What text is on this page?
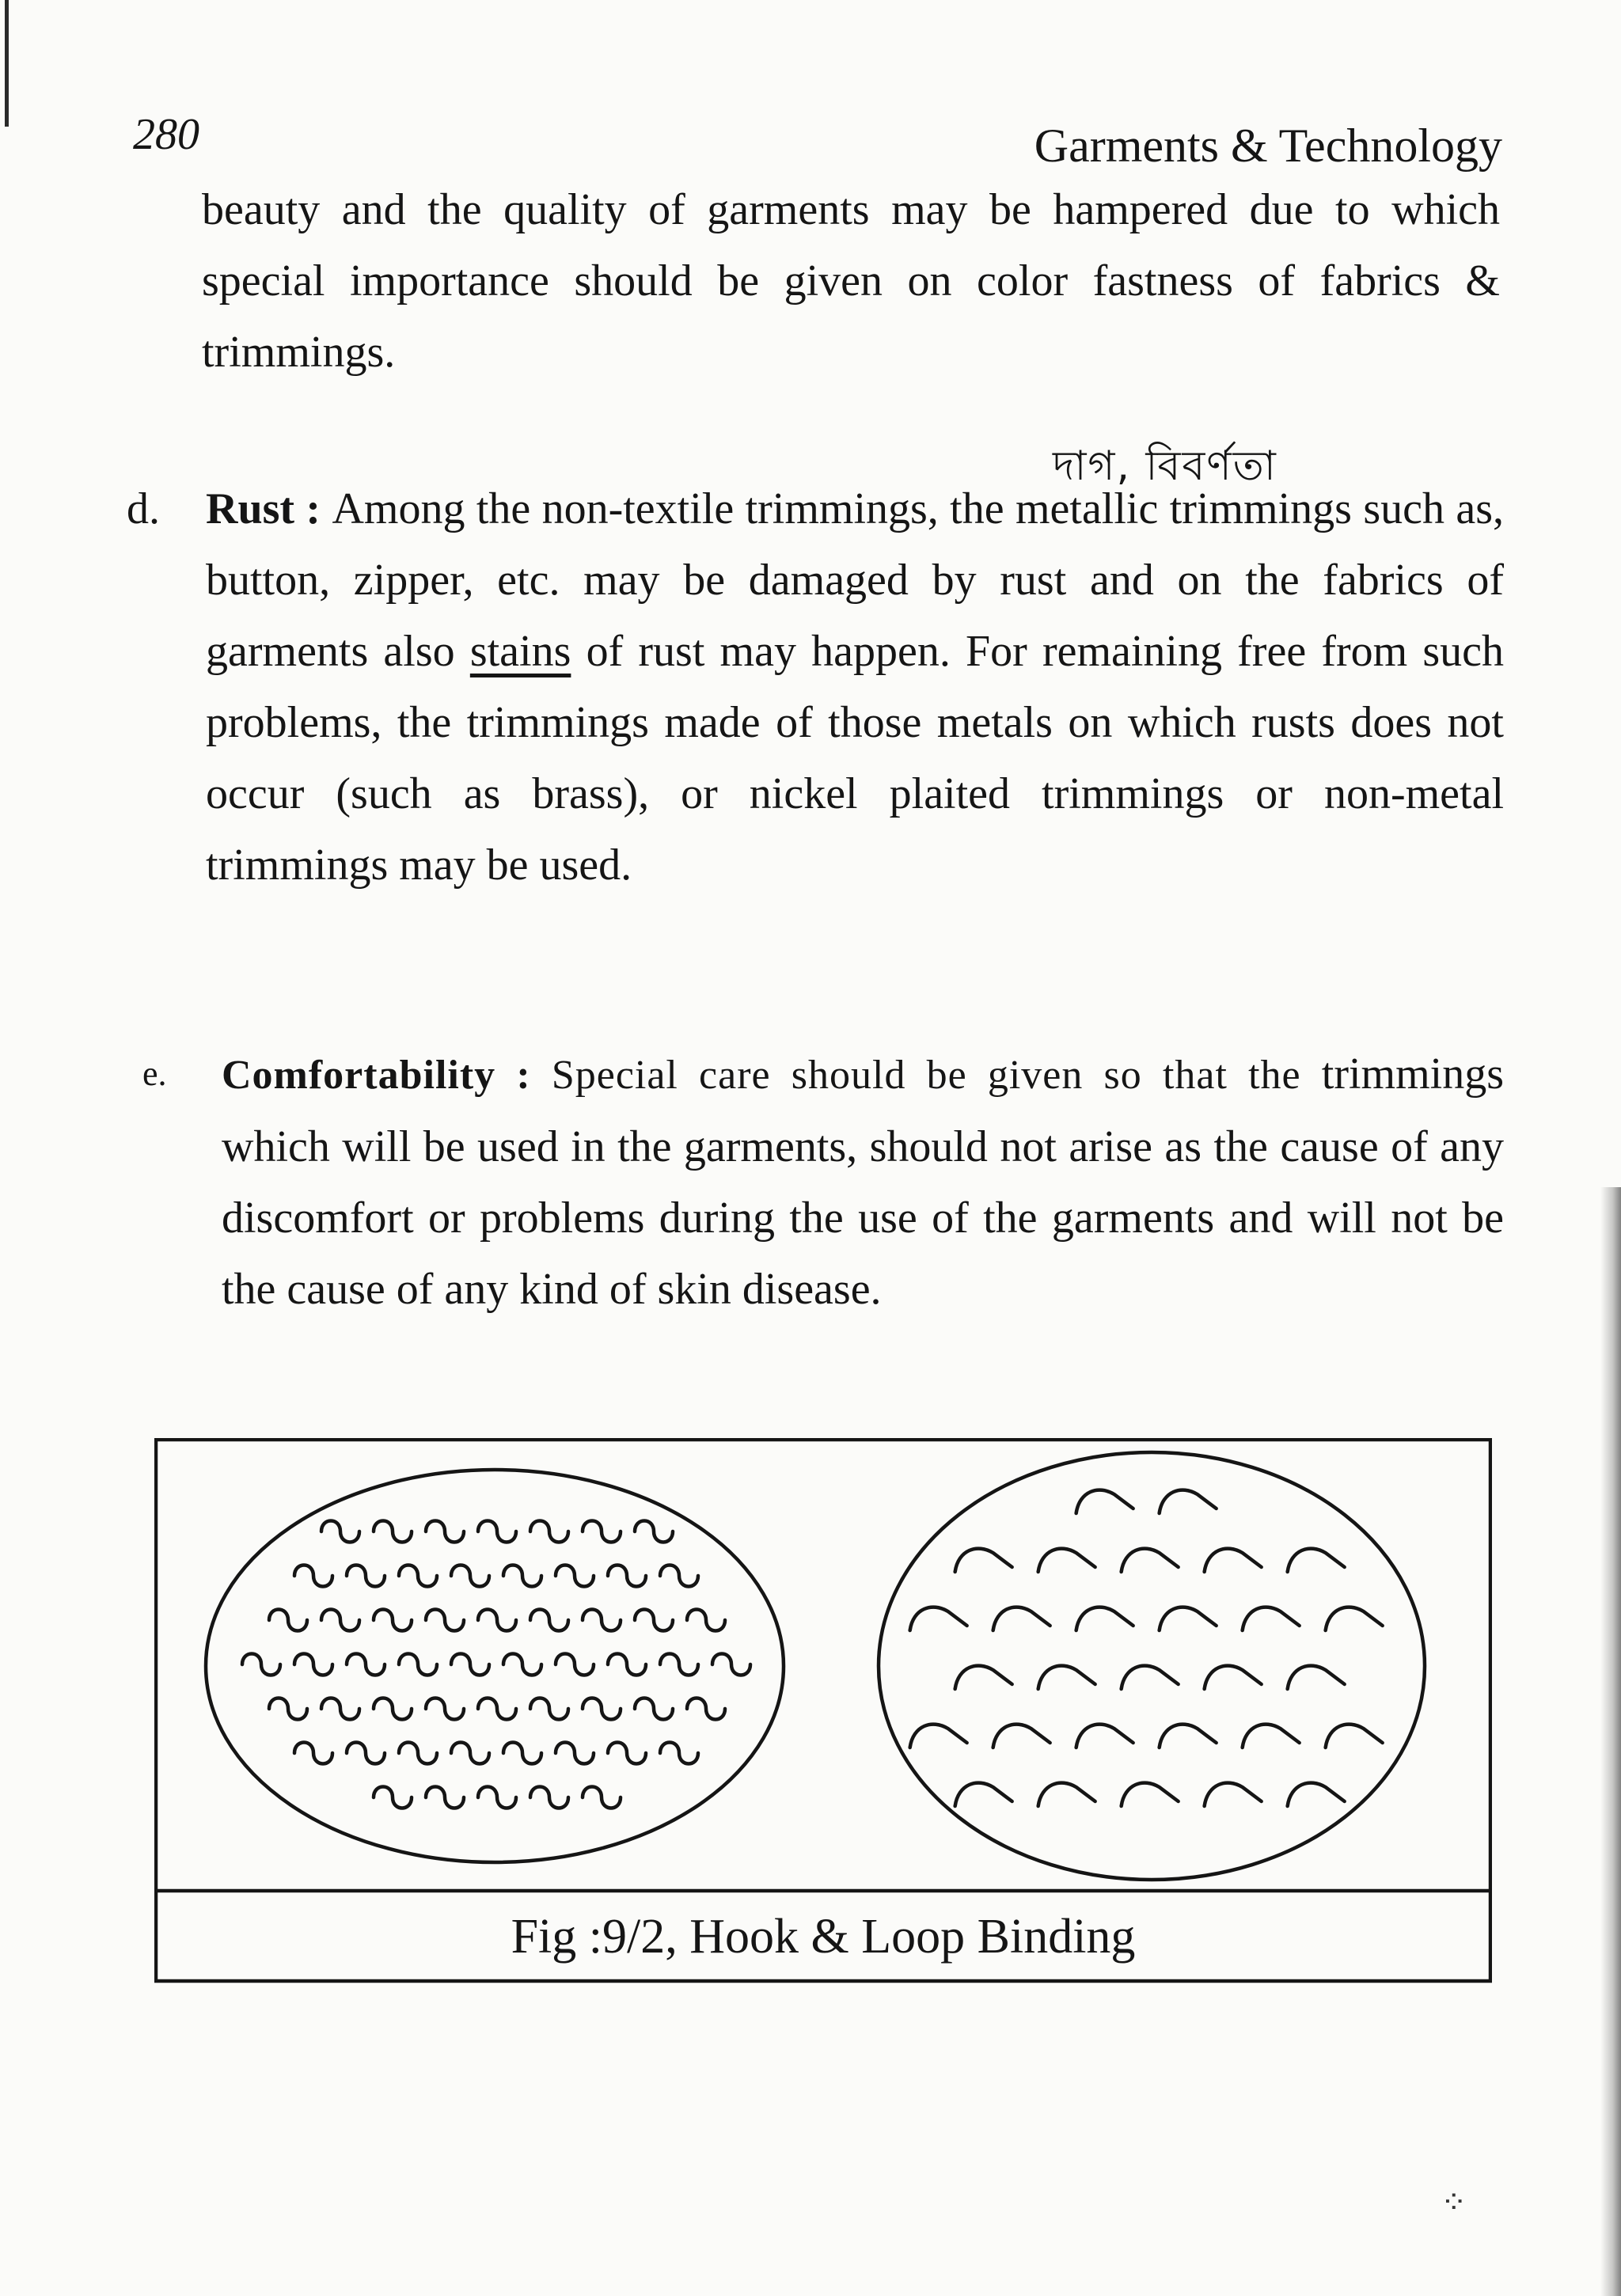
280	Garments & Technology
beauty and the quality of garments may be hampered due to which special importance should be given on color fastness of fabrics & trimmings.
দাগ, বিবর্ণতা
d. Rust : Among the non-textile trimmings, the metallic trimmings such as, button, zipper, etc. may be damaged by rust and on the fabrics of garments also stains of rust may happen. For remaining free from such problems, the trimmings made of those metals on which rusts does not occur (such as brass), or nickel plaited trimmings or non-metal trimmings may be used.
e. Comfortability : Special care should be given so that the trimmings which will be used in the garments, should not arise as the cause of any discomfort or problems during the use of the garments and will not be the cause of any kind of skin disease.
Fig :9/2, Hook & Loop Binding
⁘
